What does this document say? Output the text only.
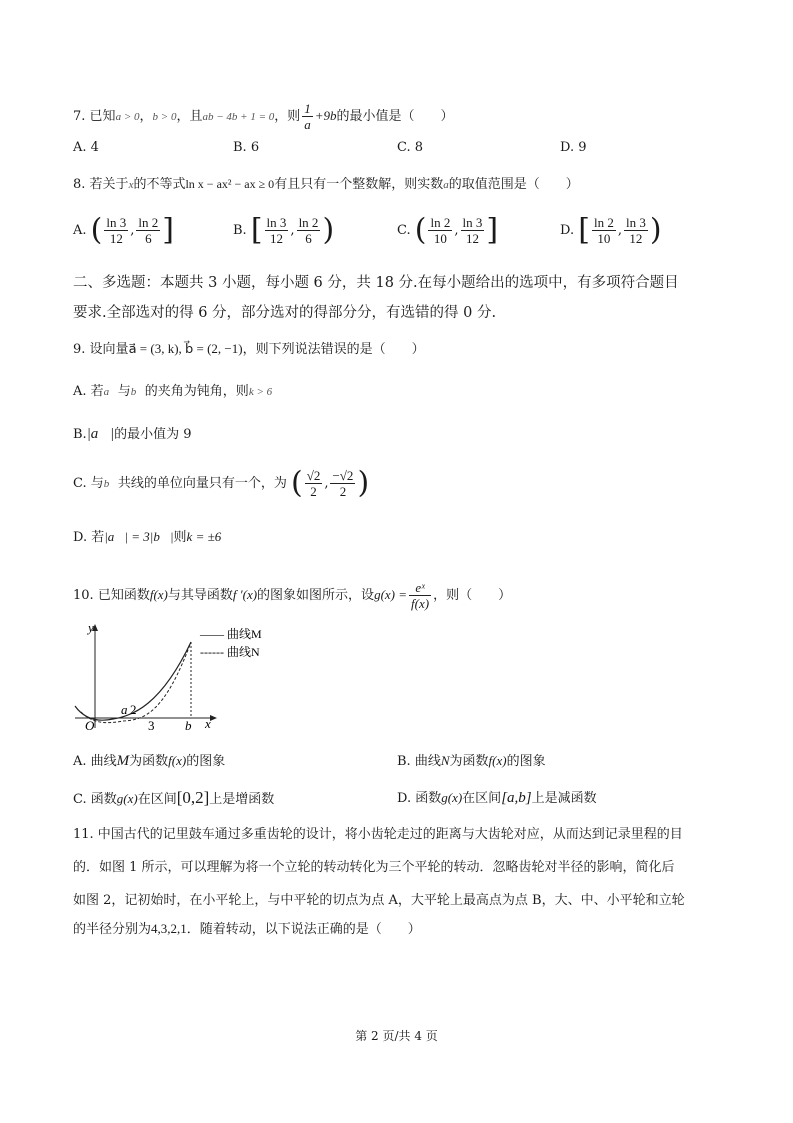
7. 已知a > 0，b > 0，且ab − 4b + 1 = 0，则 $\frac{1}{a} +9b$的最小值是（　　）
A. 4	B. 6	C. 8	D. 9
8. 若关于x的不等式ln x − ax² − ax ≥ 0有且只有一个整数解，则实数a的取值范围是（　　）
A. ( $\frac{\ln 3}{12}$ , $\frac{\ln 2}{6}$ ]	B. [ $\frac{\ln 3}{12}$ , $\frac{\ln 2}{6}$ )	C. ( $\frac{\ln 2}{10}$ , $\frac{\ln 3}{12}$ ]	D. [ $\frac{\ln 2}{10}$ , $\frac{\ln 3}{12}$ )
二、多选题：本题共 3 小题，每小题 6 分，共 18 分.在每小题给出的选项中，有多项符合题目
要求.全部选对的得 6 分，部分选对的得部分分，有选错的得 0 分.
9. 设向量a⃗ = (3, k), b⃗ = (2, −1)，则下列说法错误的是（　　）
A. 若a⃗与b⃗的夹角为钝角，则k > 6
B.|a⃗|的最小值为 9
C. 与b⃗共线的单位向量只有一个，为 ( $\frac{√2}{2}$ , $\frac{-√2}{2}$ )
D. 若|a⃗| = 3|b⃗|则k = ±6
10. 已知函数f(x)与其导函数f ′(x)的图象如图所示，设$g(x) = \frac{\text{eˣ}}{f(x)}$ ，则（　　）
y
x
O
a 2
3 b
—— 曲线M
------ 曲线N
A. 曲线M为函数f(x)的图象	B. 曲线N为函数f(x)的图象
C. 函数g(x)在区间[0,2]上是增函数	D. 函数g(x)在区间[a,b]上是减函数
11. 中国古代的记里鼓车通过多重齿轮的设计，将小齿轮走过的距离与大齿轮对应，从而达到记录里程的目
的．如图 1 所示，可以理解为将一个立轮的转动转化为三个平轮的转动．忽略齿轮对半径的影响，简化后
如图 2，记初始时，在小平轮上，与中平轮的切点为点 A，大平轮上最高点为点 B，大、中、小平轮和立轮
的半径分别为4,3,2,1．随着转动，以下说法正确的是（　　）
第 2 页/共 4 页
